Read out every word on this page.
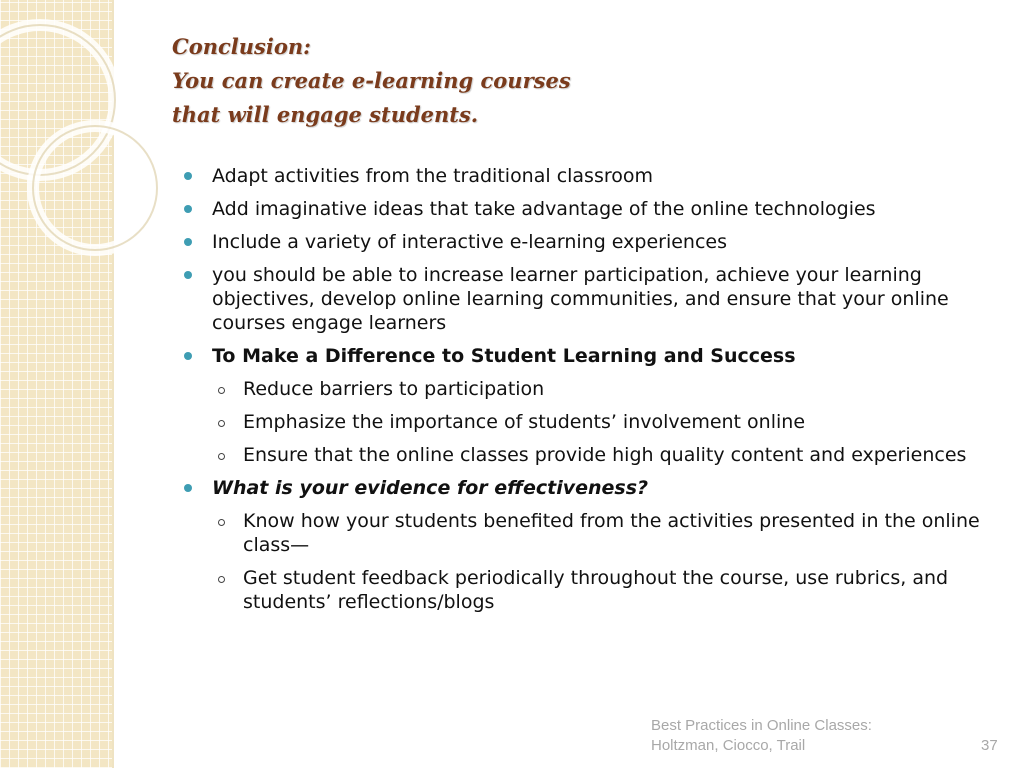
Conclusion:
You can create e-learning courses
that will engage students.
Adapt activities from the traditional classroom
Add imaginative ideas that take advantage of the online technologies
Include a variety of interactive e-learning experiences
you should be able to increase learner participation, achieve your learning objectives, develop online learning communities, and ensure that your online courses engage learners
To Make a Difference to Student Learning and Success
Reduce barriers to participation
Emphasize the importance of students’ involvement online
Ensure that the online classes provide high quality content and experiences
What is your evidence for effectiveness?
Know how your students benefited from the activities presented in the online class—
Get student feedback periodically throughout the course, use rubrics, and students’ reflections/blogs
Best Practices in Online Classes:
Holtzman, Ciocco, Trail	37
